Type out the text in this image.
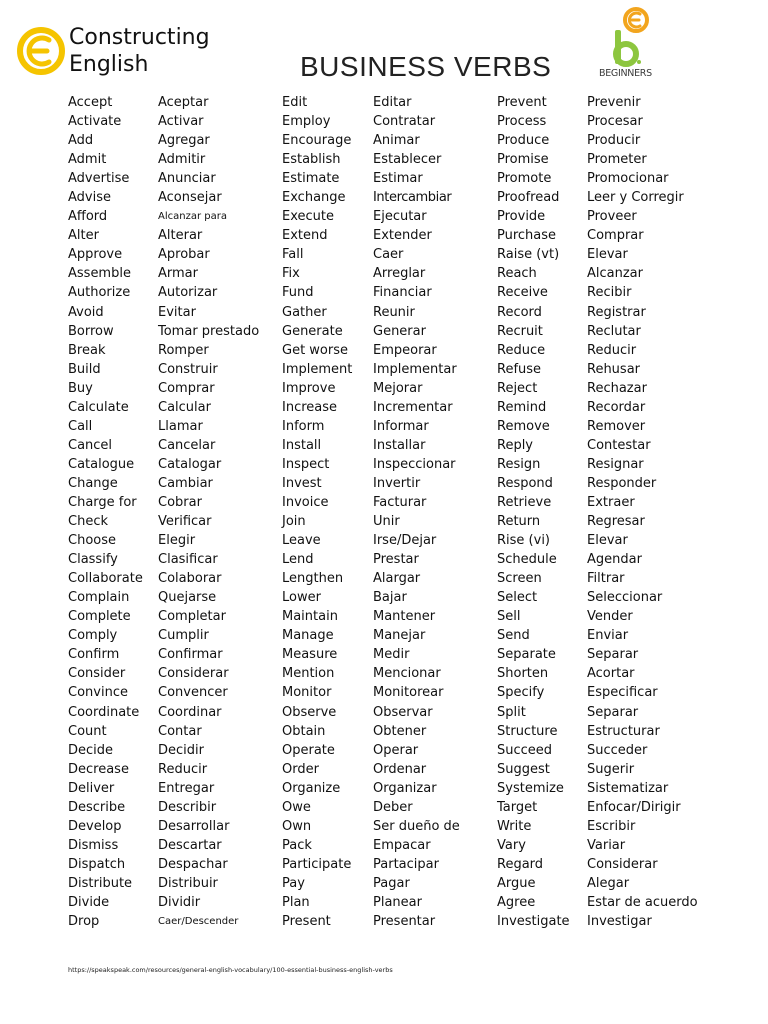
Constructing
English	BUSINESS VERBS	BEGINNERS
Accept
Activate
Add
Admit
Advertise
Advise
Afford
Alter
Approve
Assemble
Authorize
Avoid
Borrow
Break
Build
Buy
Calculate
Call
Cancel
Catalogue
Change
Charge for
Check
Choose
Classify
Collaborate
Complain
Complete
Comply
Confirm
Consider
Convince
Coordinate
Count
Decide
Decrease
Deliver
Describe
Develop
Dismiss
Dispatch
Distribute
Divide
Drop
Aceptar
Activar
Agregar
Admitir
Anunciar
Aconsejar
Alcanzar para
Alterar
Aprobar
Armar
Autorizar
Evitar
Tomar prestado
Romper
Construir
Comprar
Calcular
Llamar
Cancelar
Catalogar
Cambiar
Cobrar
Verificar
Elegir
Clasificar
Colaborar
Quejarse
Completar
Cumplir
Confirmar
Considerar
Convencer
Coordinar
Contar
Decidir
Reducir
Entregar
Describir
Desarrollar
Descartar
Despachar
Distribuir
Dividir
Caer/Descender
Edit
Employ
Encourage
Establish
Estimate
Exchange
Execute
Extend
Fall
Fix
Fund
Gather
Generate
Get worse
Implement
Improve
Increase
Inform
Install
Inspect
Invest
Invoice
Join
Leave
Lend
Lengthen
Lower
Maintain
Manage
Measure
Mention
Monitor
Observe
Obtain
Operate
Order
Organize
Owe
Own
Pack
Participate
Pay
Plan
Present
Editar
Contratar
Animar
Establecer
Estimar
Intercambiar
Ejecutar
Extender
Caer
Arreglar
Financiar
Reunir
Generar
Empeorar
Implementar
Mejorar
Incrementar
Informar
Installar
Inspeccionar
Invertir
Facturar
Unir
Irse/Dejar
Prestar
Alargar
Bajar
Mantener
Manejar
Medir
Mencionar
Monitorear
Observar
Obtener
Operar
Ordenar
Organizar
Deber
Ser dueño de
Empacar
Partacipar
Pagar
Planear
Presentar
Prevent
Process
Produce
Promise
Promote
Proofread
Provide
Purchase
Raise (vt)
Reach
Receive
Record
Recruit
Reduce
Refuse
Reject
Remind
Remove
Reply
Resign
Respond
Retrieve
Return
Rise (vi)
Schedule
Screen
Select
Sell
Send
Separate
Shorten
Specify
Split
Structure
Succeed
Suggest
Systemize
Target
Write
Vary
Regard
Argue
Agree
Investigate
Prevenir
Procesar
Producir
Prometer
Promocionar
Leer y Corregir
Proveer
Comprar
Elevar
Alcanzar
Recibir
Registrar
Reclutar
Reducir
Rehusar
Rechazar
Recordar
Remover
Contestar
Resignar
Responder
Extraer
Regresar
Elevar
Agendar
Filtrar
Seleccionar
Vender
Enviar
Separar
Acortar
Especificar
Separar
Estructurar
Succeder
Sugerir
Sistematizar
Enfocar/Dirigir
Escribir
Variar
Considerar
Alegar
Estar de acuerdo
Investigar
https://speakspeak.com/resources/general-english-vocabulary/100-essential-business-english-verbs
